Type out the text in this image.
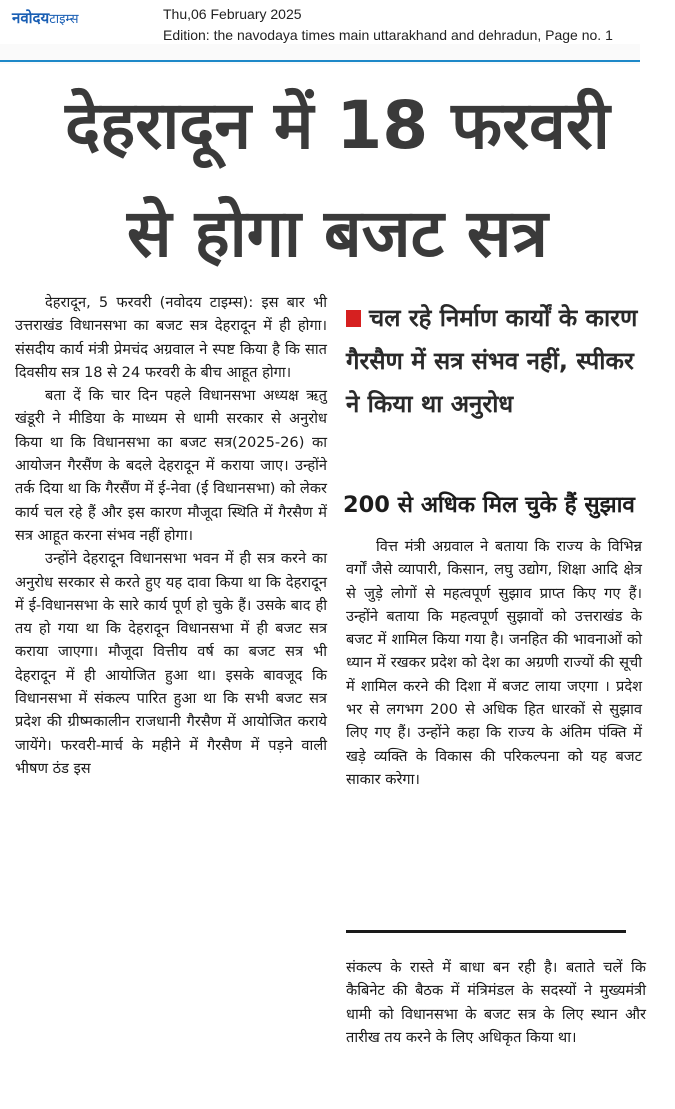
नवोदयटाइम्स	Thu,06 February 2025
Edition: the navodaya times main uttarakhand and dehradun, Page no. 1
देहरादून में 18 फरवरी
से होगा बजट सत्र

देहरादून, 5 फरवरी (नवोदय टाइम्स): इस बार भी उत्तराखंड विधानसभा का बजट सत्र देहरादून में ही होगा। संसदीय कार्य मंत्री प्रेमचंद अग्रवाल ने स्पष्ट किया है कि सात दिवसीय सत्र 18 से 24 फरवरी के बीच आहूत होगा।

बता दें कि चार दिन पहले विधानसभा अध्यक्ष ऋतु खंडूरी ने मीडिया के माध्यम से धामी सरकार से अनुरोध किया था कि विधानसभा का बजट सत्र(2025-26) का आयोजन गैरसैंण के बदले देहरादून में कराया जाए। उन्होंने तर्क दिया था कि गैरसैंण में ई-नेवा (ई विधानसभा) को लेकर कार्य चल रहे हैं और इस कारण मौजूदा स्थिति में गैरसैण में सत्र आहूत करना संभव नहीं होगा।

उन्होंने देहरादून विधानसभा भवन में ही सत्र करने का अनुरोध सरकार से करते हुए यह दावा किया था कि देहरादून में ई-विधानसभा के सारे कार्य पूर्ण हो चुके हैं। उसके बाद ही तय हो गया था कि देहरादून विधानसभा में ही बजट सत्र कराया जाएगा। मौजूदा वित्तीय वर्ष का बजट सत्र भी देहरादून में ही आयोजित हुआ था। इसके बावजूद कि विधानसभा में संकल्प पारित हुआ था कि सभी बजट सत्र प्रदेश की ग्रीष्मकालीन राजधानी गैरसैण में आयोजित कराये जायेंगे। फरवरी-मार्च के महीने में गैरसैण में पड़ने वाली भीषण ठंड इस

चल रहे निर्माण कार्यों के कारण गैरसैण में सत्र संभव नहीं, स्पीकर ने किया था अनुरोध
200 से अधिक मिल चुके हैं सुझाव

वित्त मंत्री अग्रवाल ने बताया कि राज्य के विभिन्न वर्गों जैसे व्यापारी, किसान, लघु उद्योग, शिक्षा आदि क्षेत्र से जुड़े लोगों से महत्वपूर्ण सुझाव प्राप्त किए गए हैं। उन्होंने बताया कि महत्वपूर्ण सुझावों को उत्तराखंड के बजट में शामिल किया गया है। जनहित की भावनाओं को ध्यान में रखकर प्रदेश को देश का अग्रणी राज्यों की सूची में शामिल करने की दिशा में बजट लाया जएगा । प्रदेश भर से लगभग 200 से अधिक हित धारकों से सुझाव लिए गए हैं। उन्होंने कहा कि राज्य के अंतिम पंक्ति में खड़े व्यक्ति के विकास की परिकल्पना को यह बजट साकार करेगा।

संकल्प के रास्ते में बाधा बन रही है। बताते चलें कि कैबिनेट की बैठक में मंत्रिमंडल के सदस्यों ने मुख्यमंत्री धामी को विधानसभा के बजट सत्र के लिए स्थान और तारीख तय करने के लिए अधिकृत किया था।
